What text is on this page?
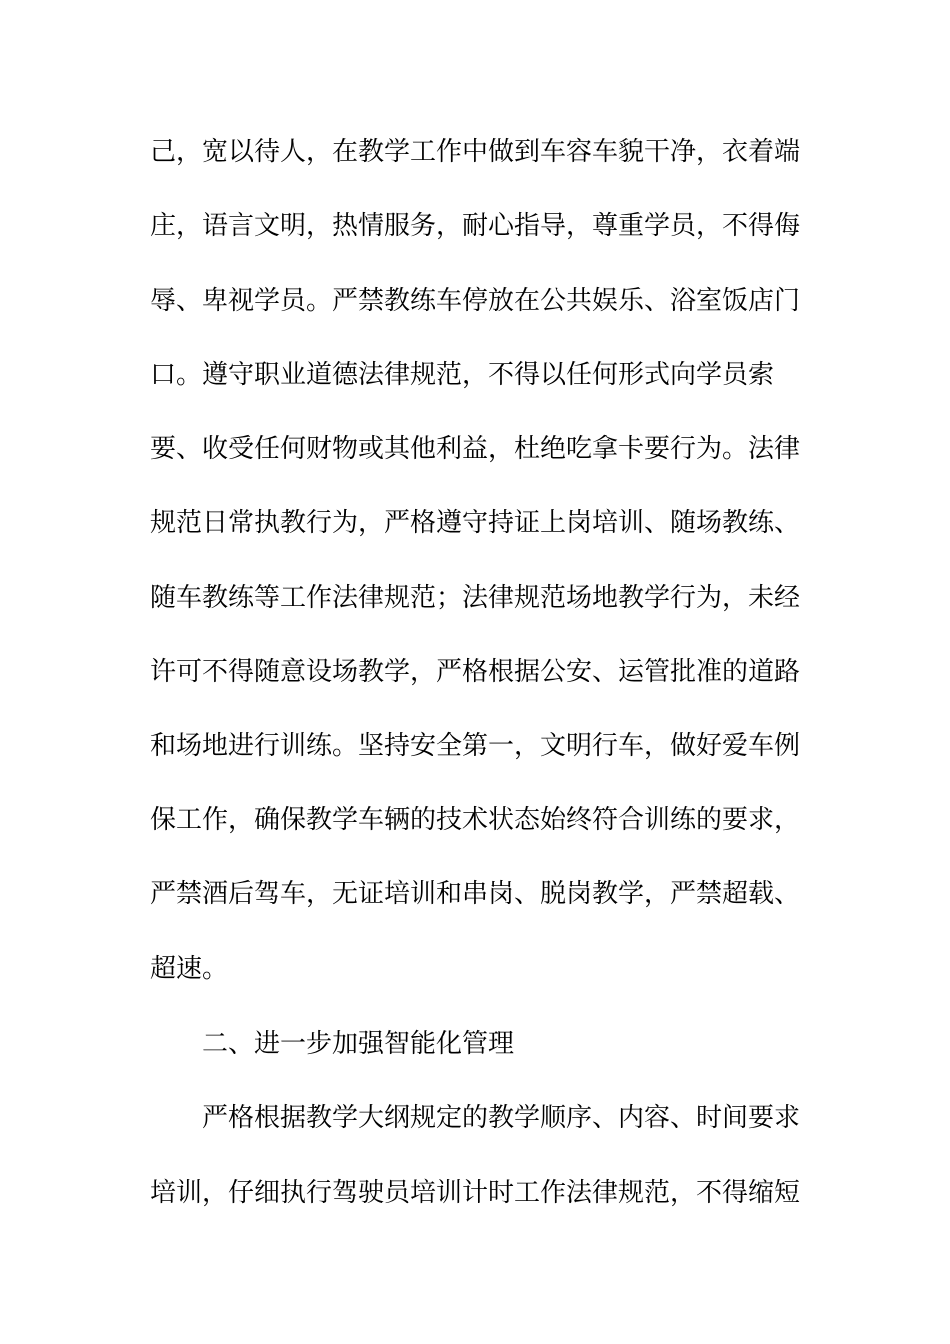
己，宽以待人，在教学工作中做到车容车貌干净，衣着端
庄，语言文明，热情服务，耐心指导，尊重学员，不得侮
辱、卑视学员。严禁教练车停放在公共娱乐、浴室饭店门
口。遵守职业道德法律规范，不得以任何形式向学员索
要、收受任何财物或其他利益，杜绝吃拿卡要行为。法律
规范日常执教行为，严格遵守持证上岗培训、随场教练、
随车教练等工作法律规范；法律规范场地教学行为，未经
许可不得随意设场教学，严格根据公安、运管批准的道路
和场地进行训练。坚持安全第一，文明行车，做好爱车例
保工作，确保教学车辆的技术状态始终符合训练的要求，
严禁酒后驾车，无证培训和串岗、脱岗教学，严禁超载、
超速。
二、进一步加强智能化管理
严格根据教学大纲规定的教学顺序、内容、时间要求
培训，仔细执行驾驶员培训计时工作法律规范，不得缩短
